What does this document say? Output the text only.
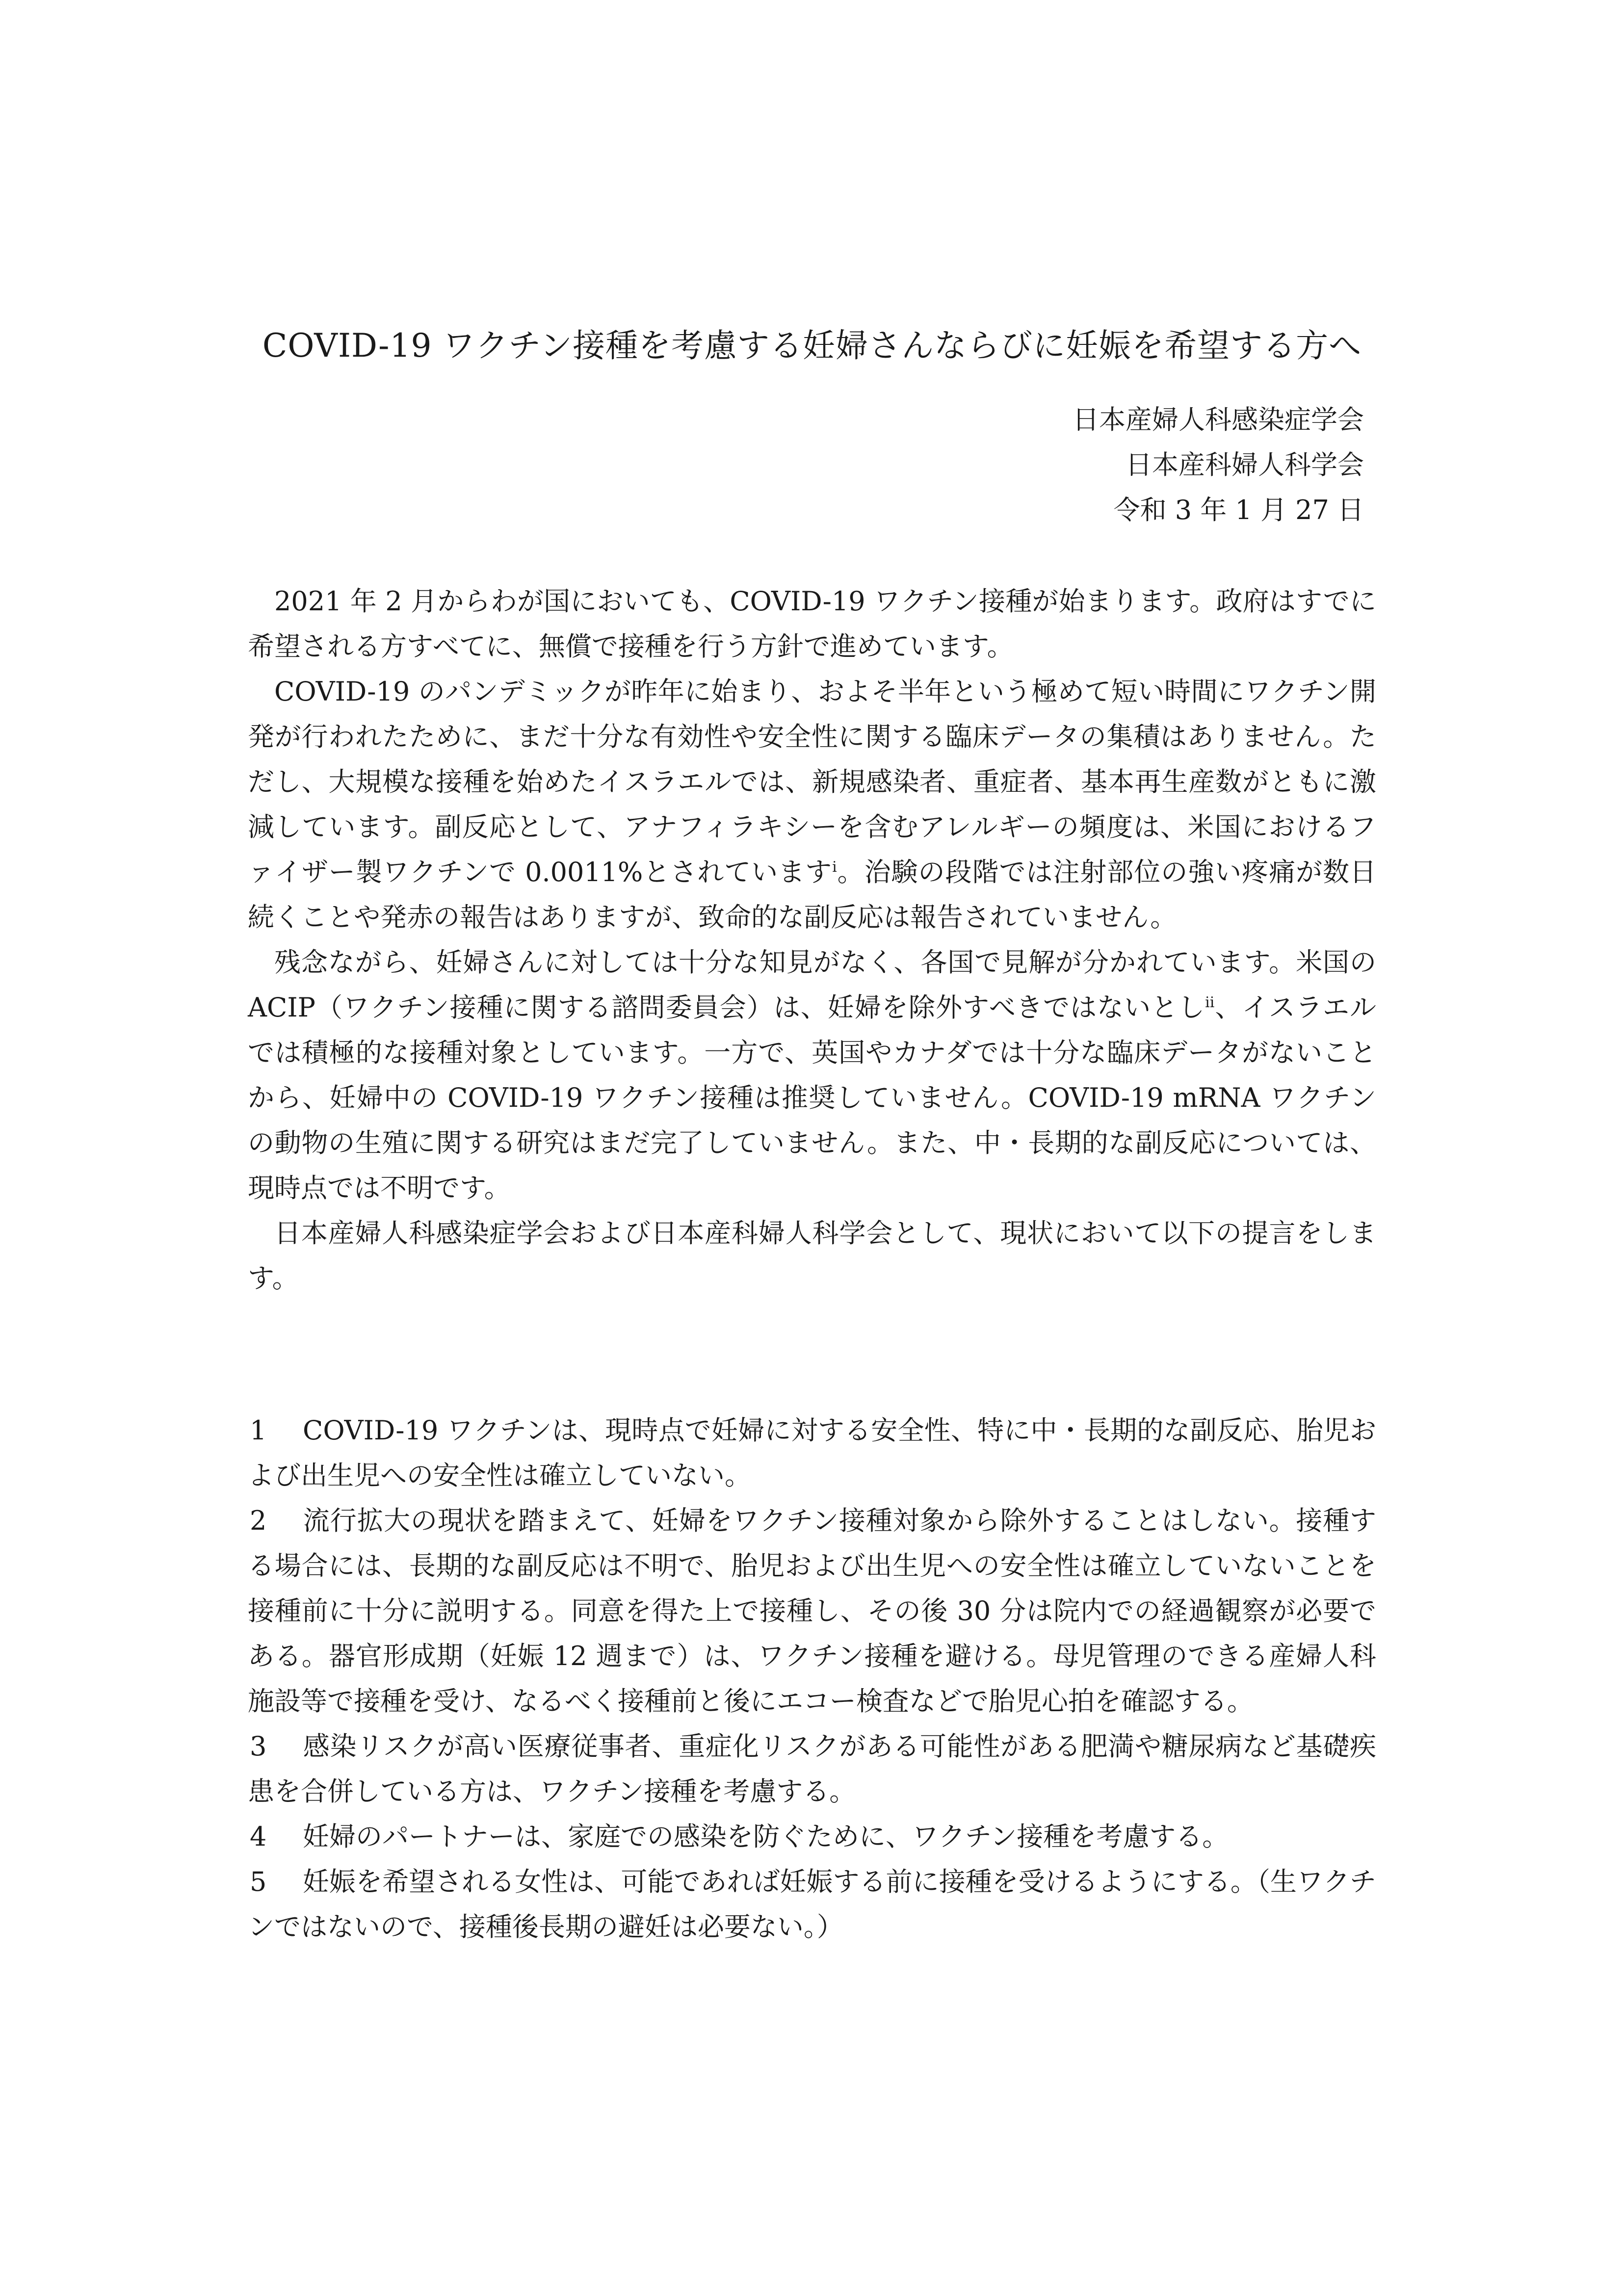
COVID-19 ワクチン接種を考慮する妊婦さんならびに妊娠を希望する方へ
日本産婦人科感染症学会
日本産科婦人科学会
令和 3 年 1 月 27 日

2021 年 2 月からわが国においても、COVID-19 ワクチン接種が始まります。政府はすでに希望される方すべてに、無償で接種を行う方針で進めています。

COVID-19 のパンデミックが昨年に始まり、およそ半年という極めて短い時間にワクチン開発が行われたために、まだ十分な有効性や安全性に関する臨床データの集積はありません。ただし、大規模な接種を始めたイスラエルでは、新規感染者、重症者、基本再生産数がともに激減しています。副反応として、アナフィラキシーを含むアレルギーの頻度は、米国におけるファイザー製ワクチンで 0.0011%とされています$^i$。治験の段階では注射部位の強い疼痛が数日続くことや発赤の報告はありますが、致命的な副反応は報告されていません。

残念ながら、妊婦さんに対しては十分な知見がなく、各国で見解が分かれています。米国の ACIP（ワクチン接種に関する諮問委員会）は、妊婦を除外すべきではないとし$^{ii}$、イスラエルでは積極的な接種対象としています。一方で、英国やカナダでは十分な臨床データがないことから、妊婦中の COVID-19 ワクチン接種は推奨していません。COVID-19 mRNA ワクチンの動物の生殖に関する研究はまだ完了していません。また、中・長期的な副反応については、現時点では不明です。

日本産婦人科感染症学会および日本産科婦人科学会として、現状において以下の提言をします。

1 COVID-19 ワクチンは、現時点で妊婦に対する安全性、特に中・長期的な副反応、胎児および出生児への安全性は確立していない。

2 流行拡大の現状を踏まえて、妊婦をワクチン接種対象から除外することはしない。接種する場合には、長期的な副反応は不明で、胎児および出生児への安全性は確立していないことを接種前に十分に説明する。同意を得た上で接種し、その後 30 分は院内での経過観察が必要である。器官形成期（妊娠 12 週まで）は、ワクチン接種を避ける。母児管理のできる産婦人科施設等で接種を受け、なるべく接種前と後にエコー検査などで胎児心拍を確認する。

3 感染リスクが高い医療従事者、重症化リスクがある可能性がある肥満や糖尿病など基礎疾患を合併している方は、ワクチン接種を考慮する。

4 妊婦のパートナーは、家庭での感染を防ぐために、ワクチン接種を考慮する。

5 妊娠を希望される女性は、可能であれば妊娠する前に接種を受けるようにする。（生ワクチンではないので、接種後長期の避妊は必要ない。）
